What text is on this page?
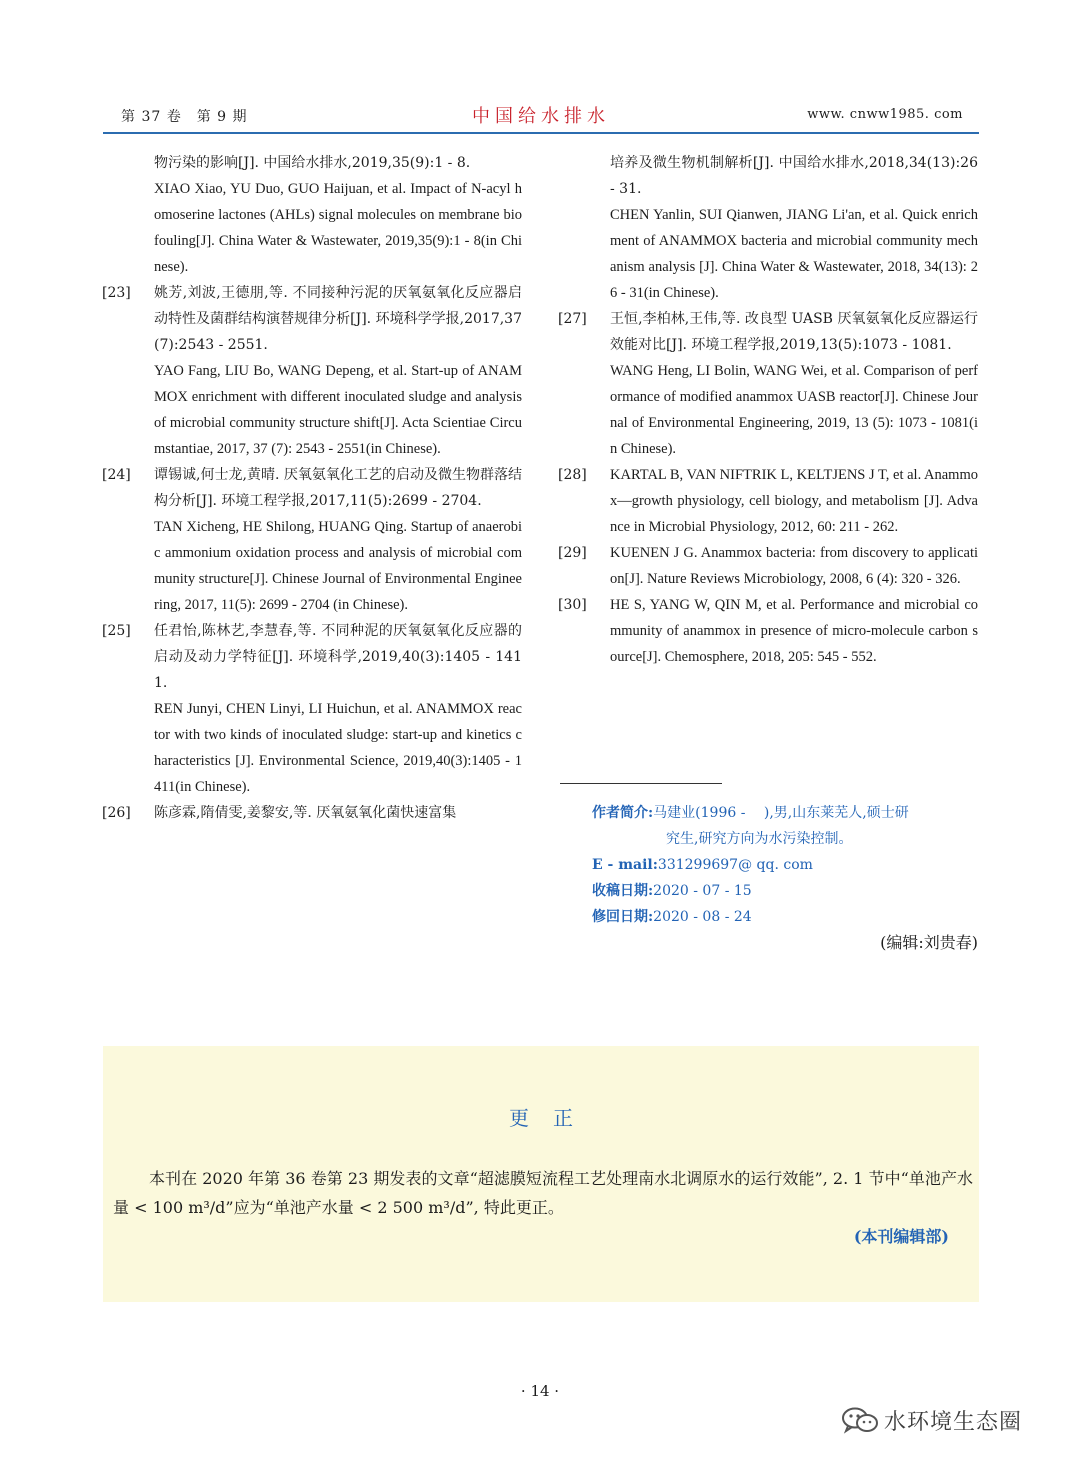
第 37 卷　第 9 期	中国给水排水	www. cnww1985. com

物污染的影响[J]. 中国给水排水,2019,35(9):1 - 8.

XIAO Xiao, YU Duo, GUO Haijuan, et al. Impact of N-acyl homoserine lactones (AHLs) signal molecules on membrane biofouling[J]. China Water & Wastewater, 2019,35(9):1 - 8(in Chinese).

[23] 姚芳,刘波,王德朋,等. 不同接种污泥的厌氧氨氧化反应器启动特性及菌群结构演替规律分析[J]. 环境科学学报,2017,37(7):2543 - 2551.

YAO Fang, LIU Bo, WANG Depeng, et al. Start-up of ANAMMOX enrichment with different inoculated sludge and analysis of microbial community structure shift[J]. Acta Scientiae Circumstantiae, 2017, 37 (7): 2543 - 2551(in Chinese).

[24] 谭锡诚,何士龙,黄晴. 厌氧氨氧化工艺的启动及微生物群落结构分析[J]. 环境工程学报,2017,11(5):2699 - 2704.

TAN Xicheng, HE Shilong, HUANG Qing. Startup of anaerobic ammonium oxidation process and analysis of microbial community structure[J]. Chinese Journal of Environmental Engineering, 2017, 11(5): 2699 - 2704 (in Chinese).

[25] 任君怡,陈林艺,李慧春,等. 不同种泥的厌氧氨氧化反应器的启动及动力学特征[J]. 环境科学,2019,40(3):1405 - 1411.

REN Junyi, CHEN Linyi, LI Huichun, et al. ANAMMOX reactor with two kinds of inoculated sludge: start-up and kinetics characteristics [J]. Environmental Science, 2019,40(3):1405 - 1411(in Chinese).

[26] 陈彦霖,隋倩雯,姜黎安,等. 厌氧氨氧化菌快速富集

培养及微生物机制解析[J]. 中国给水排水,2018,34(13):26 - 31.

CHEN Yanlin, SUI Qianwen, JIANG Li'an, et al. Quick enrichment of ANAMMOX bacteria and microbial community mechanism analysis [J]. China Water & Wastewater, 2018, 34(13): 26 - 31(in Chinese).

[27] 王恒,李柏林,王伟,等. 改良型 UASB 厌氧氨氧化反应器运行效能对比[J]. 环境工程学报,2019,13(5):1073 - 1081.

WANG Heng, LI Bolin, WANG Wei, et al. Comparison of performance of modified anammox UASB reactor[J]. Chinese Journal of Environmental Engineering, 2019, 13 (5): 1073 - 1081(in Chinese).

[28] KARTAL B, VAN NIFTRIK L, KELTJENS J T, et al. Anammox—growth physiology, cell biology, and metabolism [J]. Advance in Microbial Physiology, 2012, 60: 211 - 262.

[29] KUENEN J G. Anammox bacteria: from discovery to application[J]. Nature Reviews Microbiology, 2008, 6 (4): 320 - 326.

[30] HE S, YANG W, QIN M, et al. Performance and microbial community of anammox in presence of micro-molecule carbon source[J]. Chemosphere, 2018, 205: 545 - 552.

作者简介:马建业(1996 -　 ),男,山东莱芜人,硕士研
究生,研究方向为水污染控制。
E - mail:331299697@ qq. com
收稿日期:2020 - 07 - 15
修回日期:2020 - 08 - 24
(编辑:刘贵春)
更正
本刊在 2020 年第 36 卷第 23 期发表的文章“超滤膜短流程工艺处理南水北调原水的运行效能”, 2. 1 节中“单池产水量 < 100 m³/d”应为“单池产水量 < 2 500 m³/d”, 特此更正。
(本刊编辑部)
· 14 ·
水环境生态圈
